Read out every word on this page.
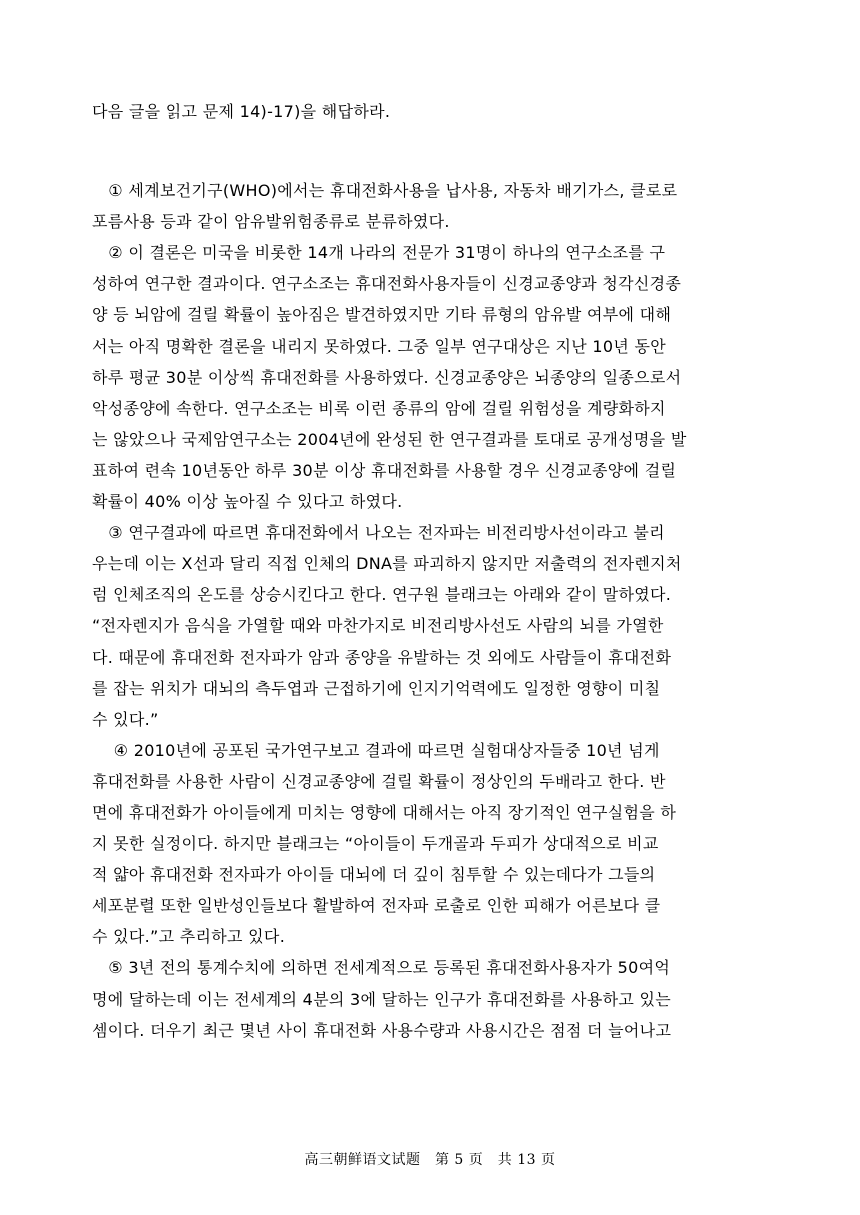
다음 글을 읽고 문제 14)-17)을 해답하라.
　① 세계보건기구(WHO)에서는 휴대전화사용을 납사용, 자동차 배기가스, 클로로
포름사용 등과 같이 암유발위험종류로 분류하였다.
　② 이 결론은 미국을 비롯한 14개 나라의 전문가 31명이 하나의 연구소조를 구
성하여 연구한 결과이다. 연구소조는 휴대전화사용자들이 신경교종양과 청각신경종
양 등 뇌암에 걸릴 확률이 높아짐은 발견하였지만 기타 류형의 암유발 여부에 대해
서는 아직 명확한 결론을 내리지 못하였다. 그중 일부 연구대상은 지난 10년 동안
하루 평균 30분 이상씩 휴대전화를 사용하였다. 신경교종양은 뇌종양의 일종으로서
악성종양에 속한다. 연구소조는 비록 이런 종류의 암에 걸릴 위험성을 계량화하지
는 않았으나 국제암연구소는 2004년에 완성된 한 연구결과를 토대로 공개성명을 발
표하여 련속 10년동안 하루 30분 이상 휴대전화를 사용할 경우 신경교종양에 걸릴
확률이 40% 이상 높아질 수 있다고 하였다.
　③ 연구결과에 따르면 휴대전화에서 나오는 전자파는 비전리방사선이라고 불리
우는데 이는 X선과 달리 직접 인체의 DNA를 파괴하지 않지만 저출력의 전자렌지처
럼 인체조직의 온도를 상승시킨다고 한다. 연구원 블래크는 아래와 같이 말하였다.
“전자렌지가 음식을 가열할 때와 마찬가지로 비전리방사선도 사람의 뇌를 가열한
다. 때문에 휴대전화 전자파가 암과 종양을 유발하는 것 외에도 사람들이 휴대전화
를 잡는 위치가 대뇌의 측두엽과 근접하기에 인지기억력에도 일정한 영향이 미칠
수 있다.”
　 ④ 2010년에 공포된 국가연구보고 결과에 따르면 실험대상자들중 10년 넘게
휴대전화를 사용한 사람이 신경교종양에 걸릴 확률이 정상인의 두배라고 한다. 반
면에 휴대전화가 아이들에게 미치는 영향에 대해서는 아직 장기적인 연구실험을 하
지 못한 실정이다. 하지만 블래크는 “아이들이 두개골과 두피가 상대적으로 비교
적 얇아 휴대전화 전자파가 아이들 대뇌에 더 깊이 침투할 수 있는데다가 그들의
세포분렬 또한 일반성인들보다 활발하여 전자파 로출로 인한 피해가 어른보다 클
수 있다.”고 추리하고 있다.
　⑤ 3년 전의 통계수치에 의하면 전세계적으로 등록된 휴대전화사용자가 50여억
명에 달하는데 이는 전세계의 4분의 3에 달하는 인구가 휴대전화를 사용하고 있는
셈이다. 더우기 최근 몇년 사이 휴대전화 사용수량과 사용시간은 점점 더 늘어나고
高三朝鲜语文试题　第 5 页　共 13 页
